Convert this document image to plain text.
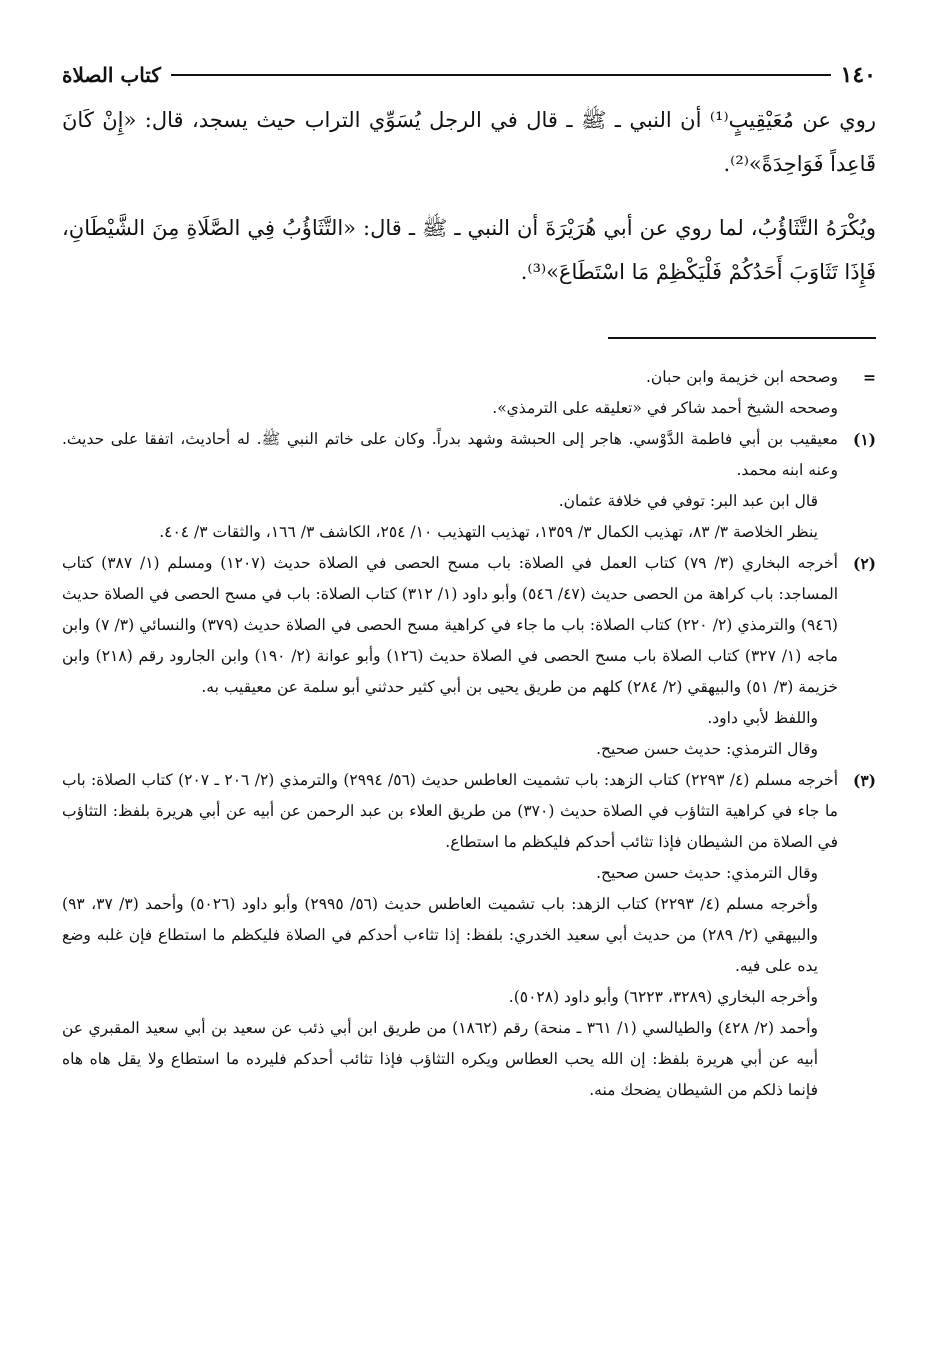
١٤٠
كتاب الصلاة

روي عن مُعَيْقِيبٍ⁽¹⁾ أن النبي ـ ﷺ ـ قال في الرجل يُسَوِّي التراب حيث يسجد، قال: «إِنْ كَانَ قَاعِداً فَوَاحِدَةً»⁽²⁾.

ويُكْرَهُ التَّثَاؤُبُ، لما روي عن أبي هُرَيْرَةَ أن النبي ـ ﷺ ـ قال: «التَّثَاؤُبُ فِي الصَّلَاةِ مِنَ الشَّيْطَانِ، فَإِذَا تَثَاوَبَ أَحَدُكُمْ فَلْيَكْظِمْ مَا اسْتَطَاعَ»⁽³⁾.

=

وصححه ابن خزيمة وابن حبان.

وصححه الشيخ أحمد شاكر في «تعليقه على الترمذي».

(١)

معيقيب بن أبي فاطمة الدَّوْسي. هاجر إلى الحبشة وشهد بدراً. وكان على خاتم النبي ﷺ. له أحاديث، اتفقا على حديث. وعنه ابنه محمد.

قال ابن عبد البر: توفي في خلافة عثمان.

ينظر الخلاصة ٣/ ٨٣، تهذيب الكمال ٣/ ١٣٥٩، تهذيب التهذيب ١٠/ ٢٥٤، الكاشف ٣/ ١٦٦، والثقات ٣/ ٤٠٤.

(٢)

أخرجه البخاري (٣/ ٧٩) كتاب العمل في الصلاة: باب مسح الحصى في الصلاة حديث (١٢٠٧) ومسلم (١/ ٣٨٧) كتاب المساجد: باب كراهة من الحصى حديث (٤٧/ ٥٤٦) وأبو داود (١/ ٣١٢) كتاب الصلاة: باب في مسح الحصى في الصلاة حديث (٩٤٦) والترمذي (٢/ ٢٢٠) كتاب الصلاة: باب ما جاء في كراهية مسح الحصى في الصلاة حديث (٣٧٩) والنسائي (٣/ ٧) وابن ماجه (١/ ٣٢٧) كتاب الصلاة باب مسح الحصى في الصلاة حديث (١٢٦) وأبو عوانة (٢/ ١٩٠) وابن الجارود رقم (٢١٨) وابن خزيمة (٣/ ٥١) والبيهقي (٢/ ٢٨٤) كلهم من طريق يحيى بن أبي كثير حدثني أبو سلمة عن معيقيب به.

واللفظ لأبي داود.

وقال الترمذي: حديث حسن صحيح.

(٣)

أخرجه مسلم (٤/ ٢٢٩٣) كتاب الزهد: باب تشميت العاطس حديث (٥٦/ ٢٩٩٤) والترمذي (٢/ ٢٠٦ ـ ٢٠٧) كتاب الصلاة: باب ما جاء في كراهية التثاؤب في الصلاة حديث (٣٧٠) من طريق العلاء بن عبد الرحمن عن أبيه عن أبي هريرة بلفظ: التثاؤب في الصلاة من الشيطان فإذا تثائب أحدكم فليكظم ما استطاع.

وقال الترمذي: حديث حسن صحيح.

وأخرجه مسلم (٤/ ٢٢٩٣) كتاب الزهد: باب تشميت العاطس حديث (٥٦/ ٢٩٩٥) وأبو داود (٥٠٢٦) وأحمد (٣/ ٣٧، ٩٣) والبيهقي (٢/ ٢٨٩) من حديث أبي سعيد الخدري: بلفظ: إذا تثاءب أحدكم في الصلاة فليكظم ما استطاع فإن غلبه وضع يده على فيه.

وأخرجه البخاري (٣٢٨٩، ٦٢٢٣) وأبو داود (٥٠٢٨).

وأحمد (٢/ ٤٢٨) والطيالسي (١/ ٣٦١ ـ منحة) رقم (١٨٦٢) من طريق ابن أبي ذئب عن سعيد بن أبي سعيد المقبري عن أبيه عن أبي هريرة بلفظ: إن الله يحب العطاس ويكره التثاؤب فإذا تثائب أحدكم فليرده ما استطاع ولا يقل هاه هاه فإنما ذلكم من الشيطان يضحك منه.
